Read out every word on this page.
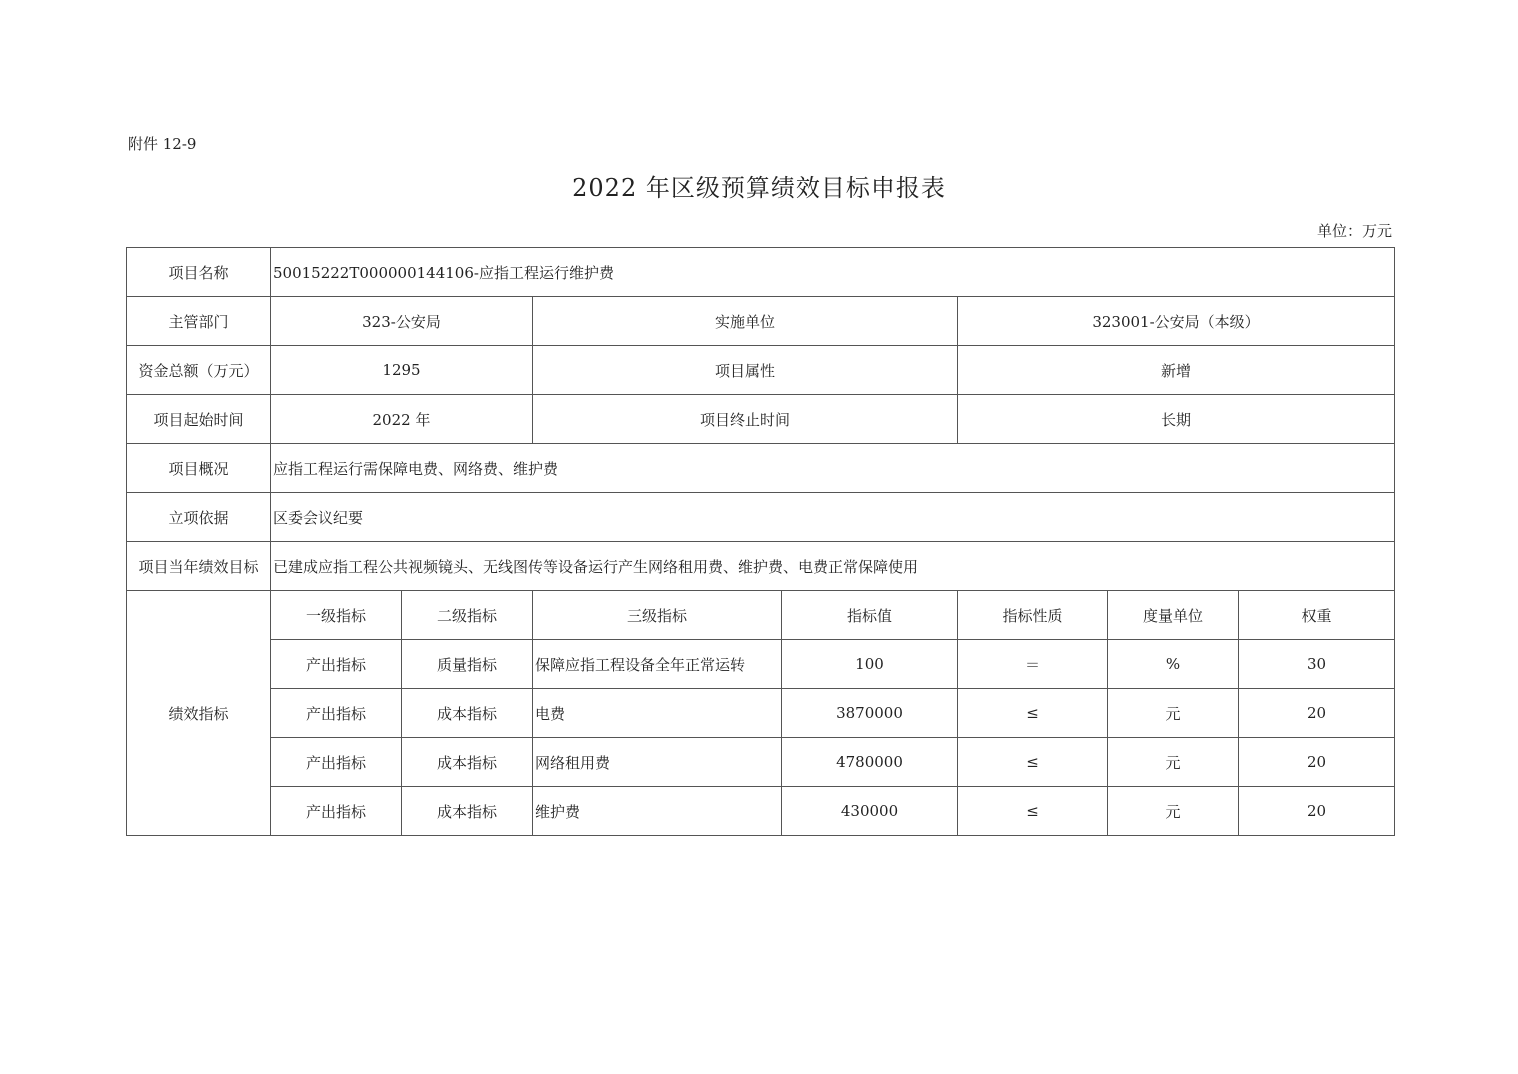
附件 12-9
2022 年区级预算绩效目标申报表
单位：万元
项目名称	50015222T000000144106-应指工程运行维护费						
主管部门	323-公安局		实施单位		323001-公安局（本级）		
资金总额（万元）	1295		项目属性		新增		
项目起始时间	2022 年		项目终止时间		长期		
项目概况	应指工程运行需保障电费、网络费、维护费						
立项依据	区委会议纪要						
项目当年绩效目标	已建成应指工程公共视频镜头、无线图传等设备运行产生网络租用费、维护费、电费正常保障使用						
绩效指标	一级指标	二级指标	三级指标	指标值	指标性质	度量单位	权重
	产出指标	质量指标	保障应指工程设备全年正常运转	100	＝	%	30
	产出指标	成本指标	电费	3870000	≤	元	20
	产出指标	成本指标	网络租用费	4780000	≤	元	20
	产出指标	成本指标	维护费	430000	≤	元	20
